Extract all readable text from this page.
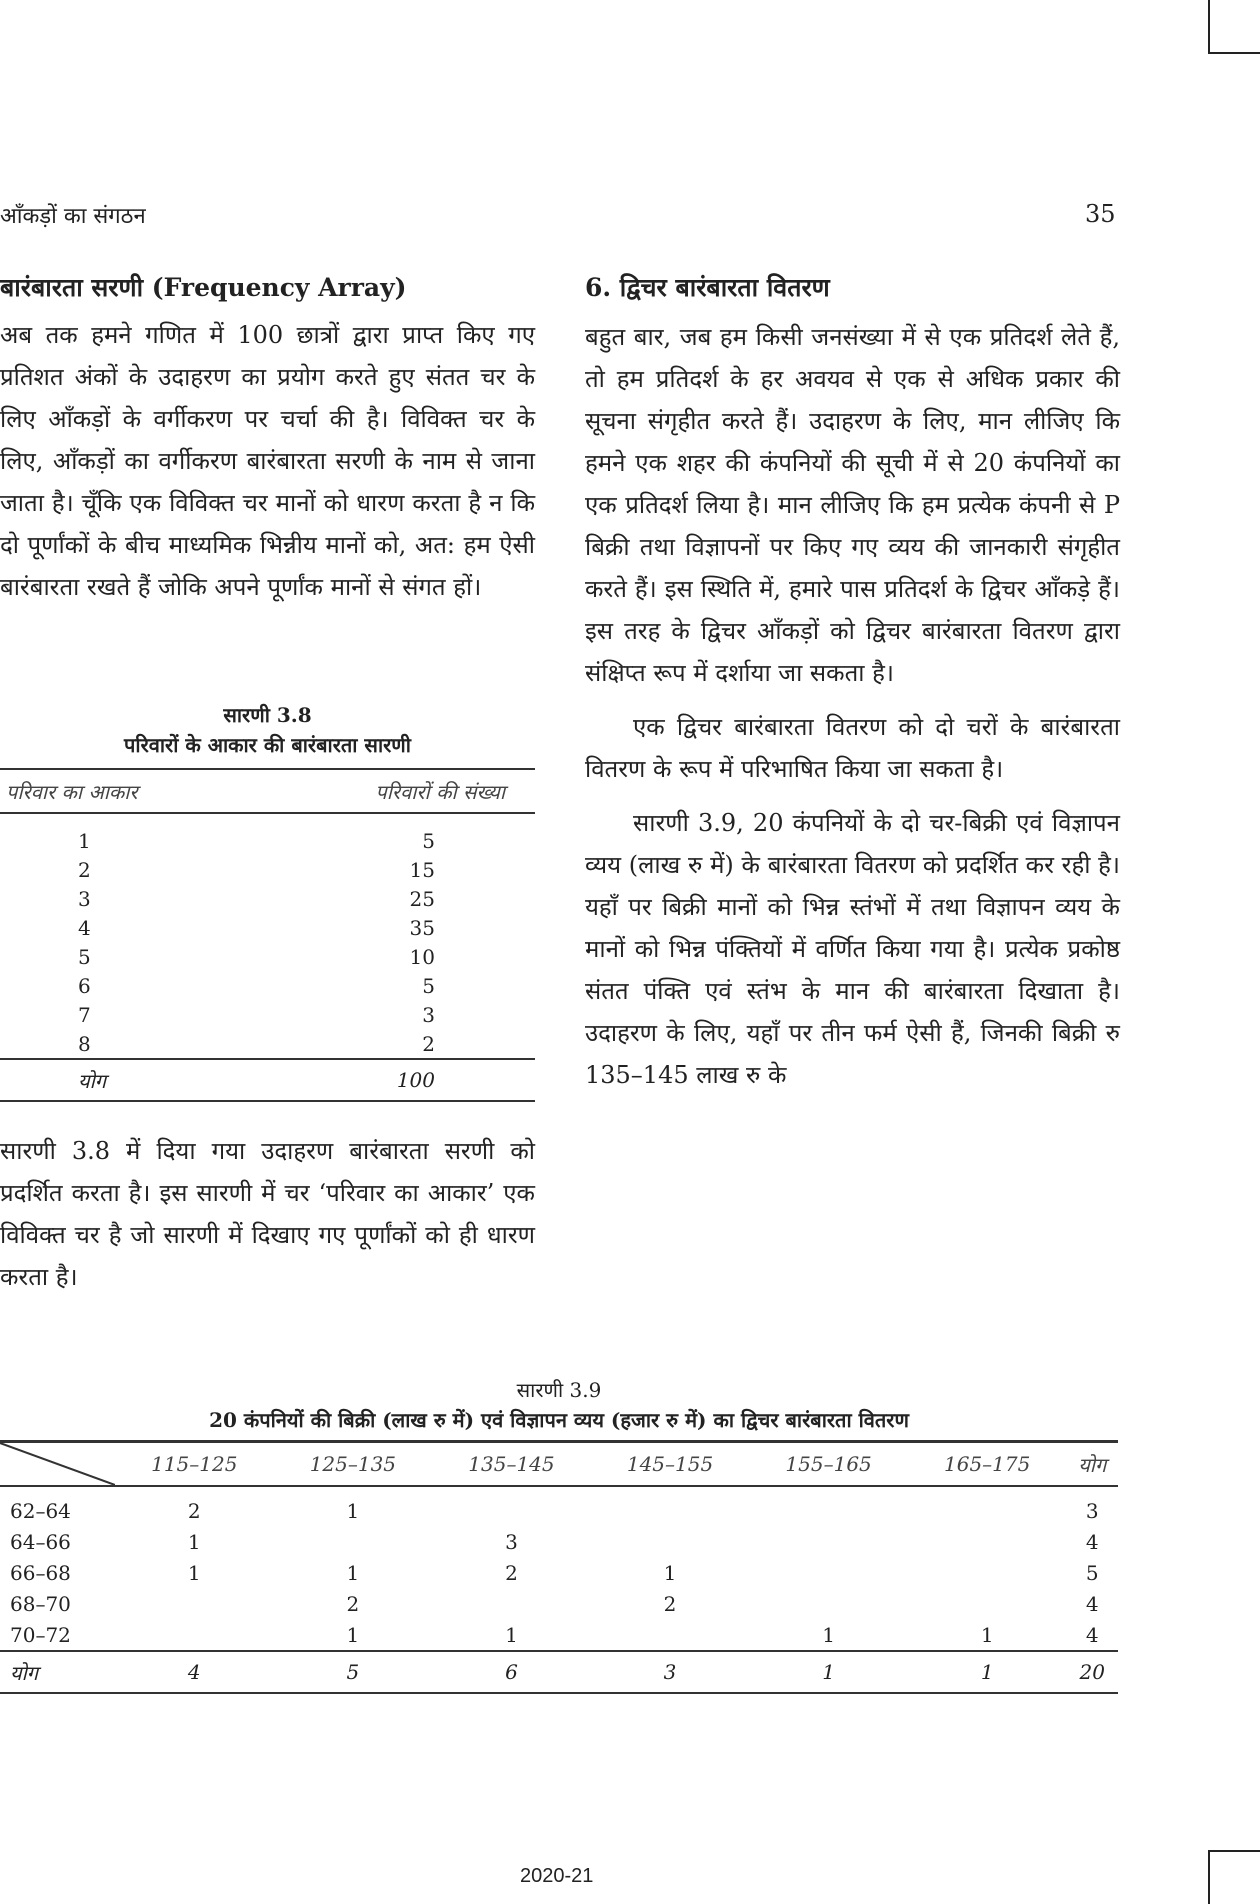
आँकड़ों का संगठन	35

बारंबारता सरणी (Frequency Array)

अब तक हमने गणित में 100 छात्रों द्वारा प्राप्त किए गए प्रतिशत अंकों के उदाहरण का प्रयोग करते हुए संतत चर के लिए आँकड़ों के वर्गीकरण पर चर्चा की है। विविक्त चर के लिए, आँकड़ों का वर्गीकरण बारंबारता सरणी के नाम से जाना जाता है। चूँकि एक विविक्त चर मानों को धारण करता है न कि दो पूर्णांकों के बीच माध्यमिक भिन्नीय मानों को, अत: हम ऐसी बारंबारता रखते हैं जोकि अपने पूर्णांक मानों से संगत हों।

सारणी 3.8
परिवारों के आकार की बारंबारता सारणी
परिवार का आकार	परिवारों की संख्या
1	5
2	15
3	25
4	35
5	10
6	5
7	3
8	2
योग	100

सारणी 3.8 में दिया गया उदाहरण बारंबारता सरणी को प्रदर्शित करता है। इस सारणी में चर ‘परिवार का आकार’ एक विविक्त चर है जो सारणी में दिखाए गए पूर्णांकों को ही धारण करता है।

6. द्विचर बारंबारता वितरण

बहुत बार, जब हम किसी जनसंख्या में से एक प्रतिदर्श लेते हैं, तो हम प्रतिदर्श के हर अवयव से एक से अधिक प्रकार की सूचना संगृहीत करते हैं। उदाहरण के लिए, मान लीजिए कि हमने एक शहर की कंपनियों की सूची में से 20 कंपनियों का एक प्रतिदर्श लिया है। मान लीजिए कि हम प्रत्येक कंपनी से P बिक्री तथा विज्ञापनों पर किए गए व्यय की जानकारी संगृहीत करते हैं। इस स्थिति में, हमारे पास प्रतिदर्श के द्विचर आँकड़े हैं। इस तरह के द्विचर आँकड़ों को द्विचर बारंबारता वितरण द्वारा संक्षिप्त रूप में दर्शाया जा सकता है।

एक द्विचर बारंबारता वितरण को दो चरों के बारंबारता वितरण के रूप में परिभाषित किया जा सकता है।

सारणी 3.9, 20 कंपनियों के दो चर-बिक्री एवं विज्ञापन व्यय (लाख रु में) के बारंबारता वितरण को प्रदर्शित कर रही है। यहाँ पर बिक्री मानों को भिन्न स्तंभों में तथा विज्ञापन व्यय के मानों को भिन्न पंक्तियों में वर्णित किया गया है। प्रत्येक प्रकोष्ठ संतत पंक्ति एवं स्तंभ के मान की बारंबारता दिखाता है। उदाहरण के लिए, यहाँ पर तीन फर्म ऐसी हैं, जिनकी बिक्री रु 135–145 लाख रु के

सारणी 3.9
20 कंपनियों की बिक्री (लाख रु में) एवं विज्ञापन व्यय (हजार रु में) का द्विचर बारंबारता वितरण
	115–125	125–135	135–145	145–155	155–165	165–175	योग
62–64	2	1					3
64–66	1		3				4
66–68	1	1	2	1			5
68–70		2		2			4
70–72		1	1		1	1	4
योग	4	5	6	3	1	1	20
2020-21
